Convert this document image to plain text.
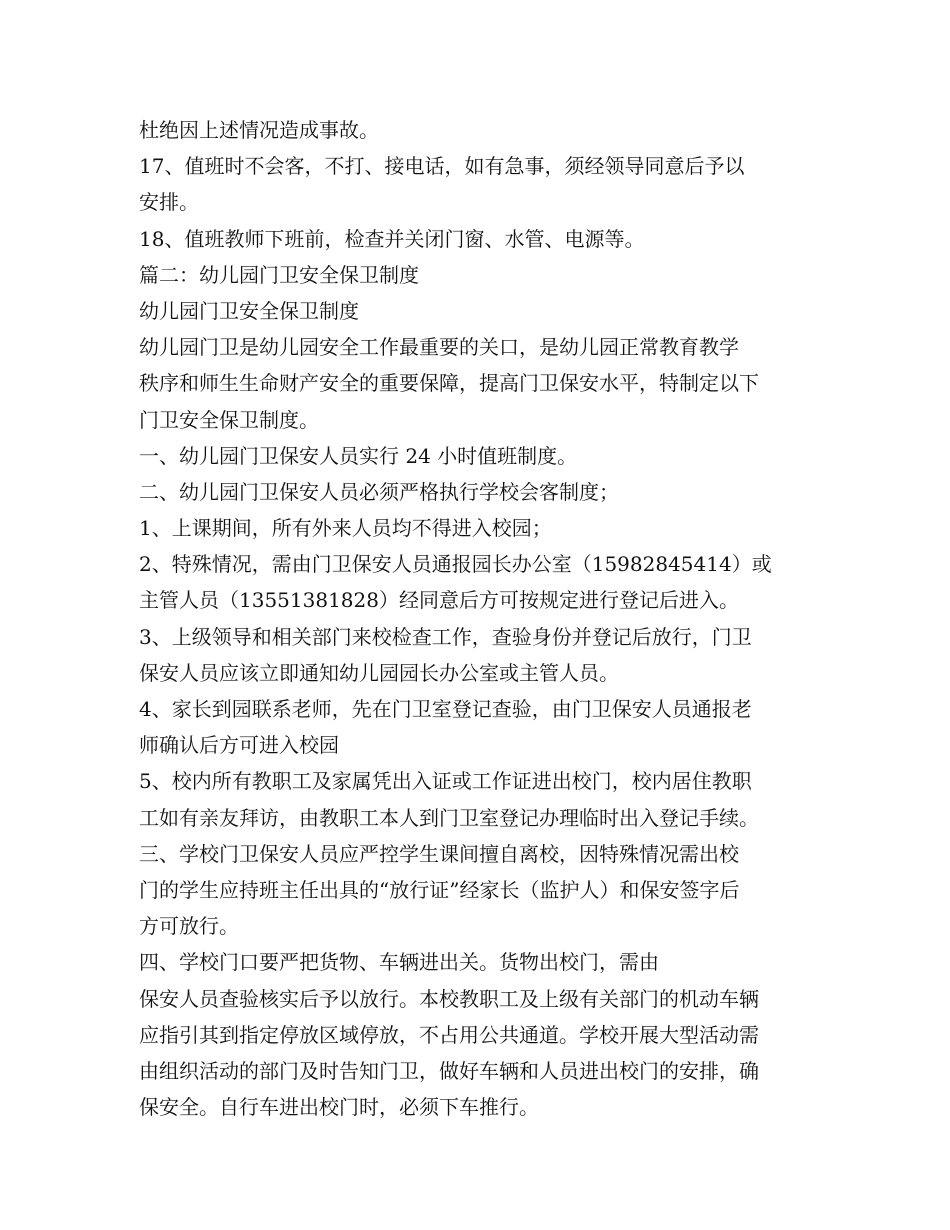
杜绝因上述情况造成事故。
17、值班时不会客，不打、接电话，如有急事，须经领导同意后予以
安排。
18、值班教师下班前，检查并关闭门窗、水管、电源等。
篇二：幼儿园门卫安全保卫制度
幼儿园门卫安全保卫制度
幼儿园门卫是幼儿园安全工作最重要的关口，是幼儿园正常教育教学
秩序和师生生命财产安全的重要保障，提高门卫保安水平，特制定以下
门卫安全保卫制度。
一、幼儿园门卫保安人员实行 24 小时值班制度。
二、幼儿园门卫保安人员必须严格执行学校会客制度；
1、上课期间，所有外来人员均不得进入校园；
2、特殊情况，需由门卫保安人员通报园长办公室（15982845414）或
主管人员（13551381828）经同意后方可按规定进行登记后进入。
3、上级领导和相关部门来校检查工作，查验身份并登记后放行，门卫
保安人员应该立即通知幼儿园园长办公室或主管人员。
4、家长到园联系老师，先在门卫室登记查验，由门卫保安人员通报老
师确认后方可进入校园
5、校内所有教职工及家属凭出入证或工作证进出校门，校内居住教职
工如有亲友拜访，由教职工本人到门卫室登记办理临时出入登记手续。
三、学校门卫保安人员应严控学生课间擅自离校，因特殊情况需出校
门的学生应持班主任出具的“放行证”经家长（监护人）和保安签字后
方可放行。
四、学校门口要严把货物、车辆进出关。货物出校门，需由
保安人员查验核实后予以放行。本校教职工及上级有关部门的机动车辆
应指引其到指定停放区域停放，不占用公共通道。学校开展大型活动需
由组织活动的部门及时告知门卫，做好车辆和人员进出校门的安排，确
保安全。自行车进出校门时，必须下车推行。
